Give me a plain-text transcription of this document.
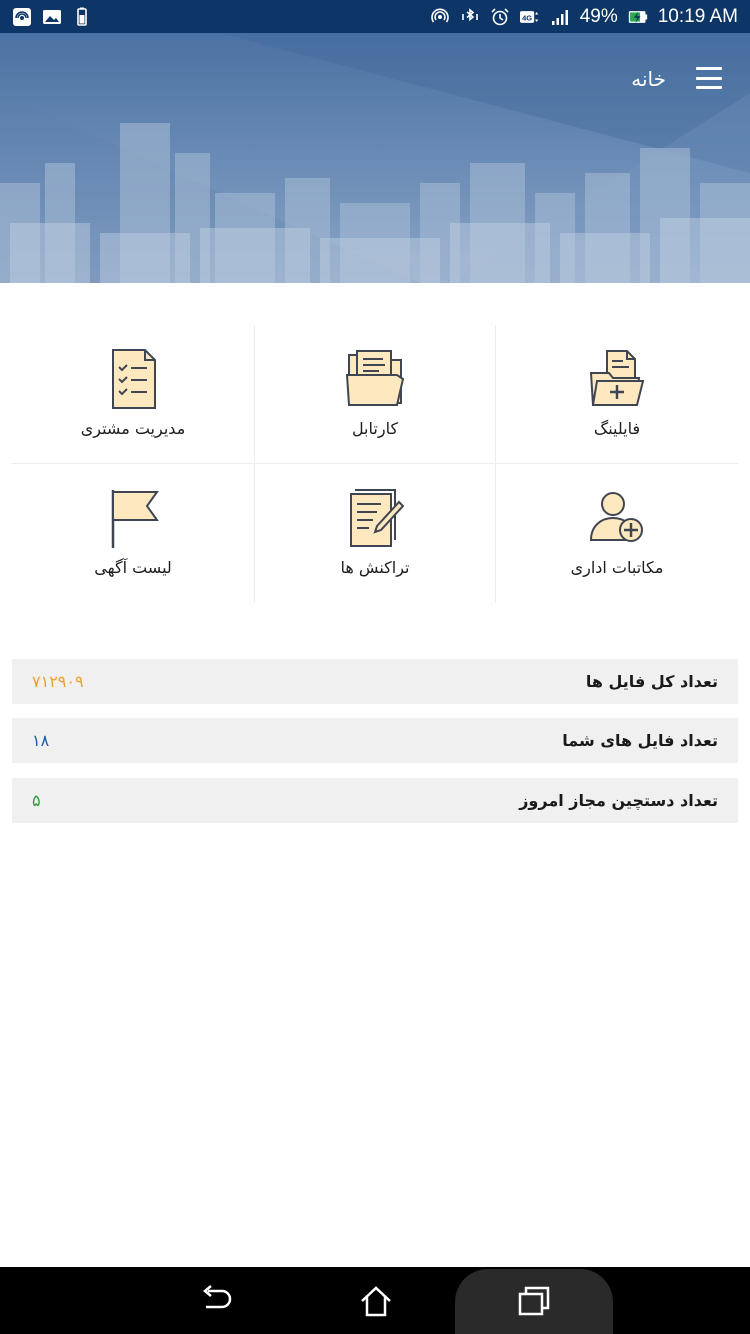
4G	49% 10:19 AM
خانه
فایلینگ
کارتابل
مدیریت مشتری
مکاتبات اداری
تراکنش ها
لیست آگهی
تعداد کل فایل ها
۷۱۲۹۰۹
تعداد فایل های شما
۱۸
تعداد دستچین مجاز امروز
۵
